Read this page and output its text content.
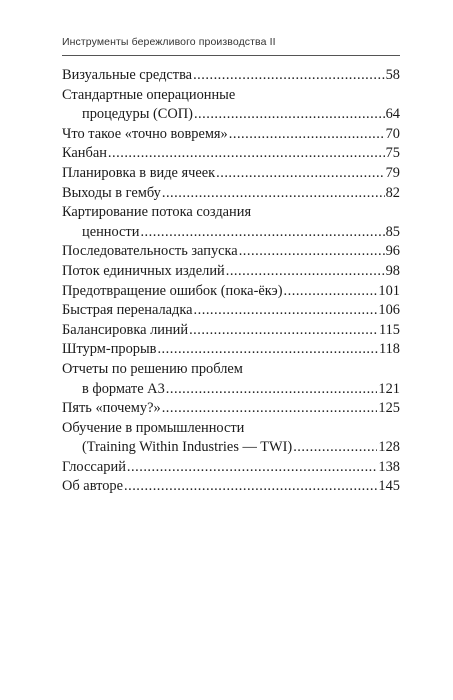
Инструменты бережливого производства II
Визуальные средства .....	58
Стандартные операционные
процедуры (СОП) .....	64
Что такое «точно вовремя» .....	70
Канбан .....	75
Планировка в виде ячеек .....	79
Выходы в гембу .....	82
Картирование потока создания
ценности .....	85
Последовательность запуска .....	96
Поток единичных изделий .....	98
Предотвращение ошибок (пока-ёкэ) .....	101
Быстрая переналадка .....	106
Балансировка линий .....	115
Штурм-прорыв .....	118
Отчеты по решению проблем
в формате А3 .....	121
Пять «почему?» .....	125
Обучение в промышленности
(Training Within Industries — TWI) .....	128
Глоссарий .....	138
Об авторе .....	145
